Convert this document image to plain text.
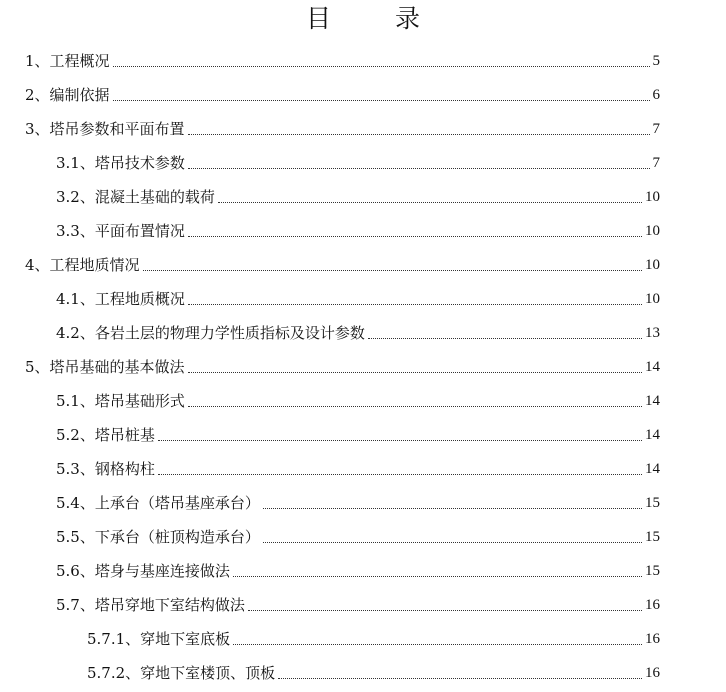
目 录
1、工程概况	5
2、编制依据	6
3、塔吊参数和平面布置	7
3.1、塔吊技术参数	7
3.2、混凝土基础的载荷	10
3.3、平面布置情况	10
4、工程地质情况	10
4.1、工程地质概况	10
4.2、各岩土层的物理力学性质指标及设计参数	13
5、塔吊基础的基本做法	14
5.1、塔吊基础形式	14
5.2、塔吊桩基	14
5.3、钢格构柱	14
5.4、上承台（塔吊基座承台）	15
5.5、下承台（桩顶构造承台）	15
5.6、塔身与基座连接做法	15
5.7、塔吊穿地下室结构做法	16
5.7.1、穿地下室底板	16
5.7.2、穿地下室楼顶、顶板	16
